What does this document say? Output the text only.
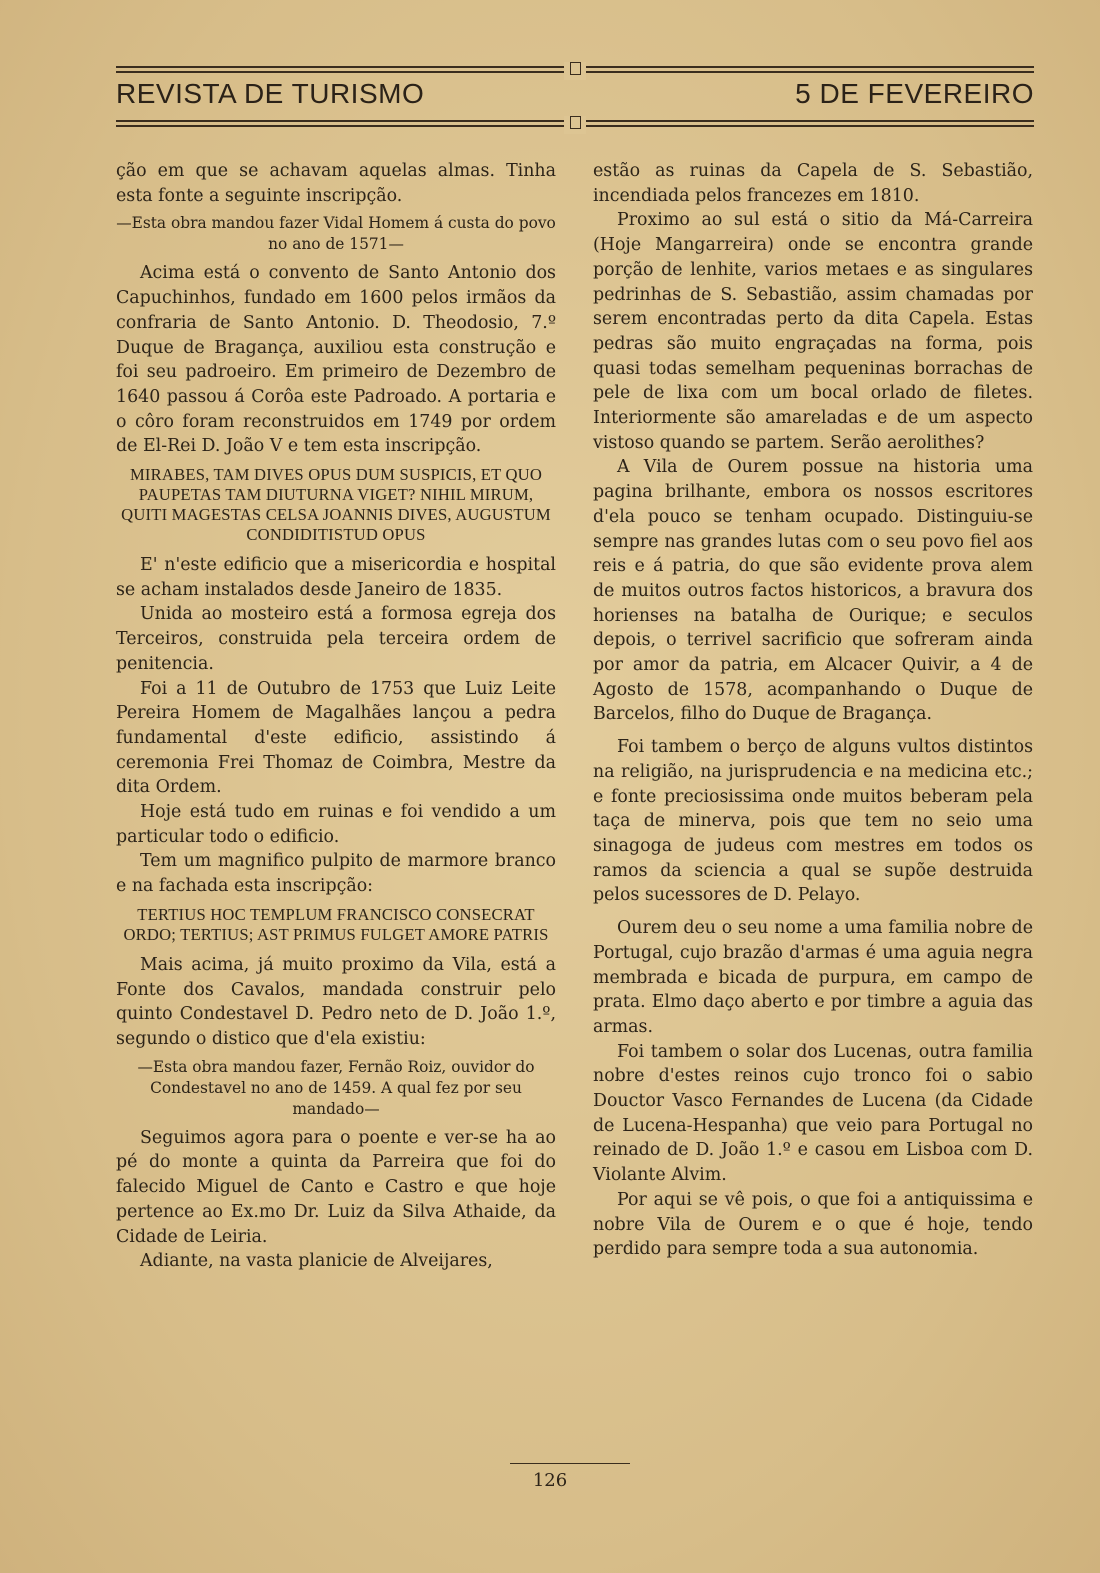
REVISTA DE TURISMO	5 DE FEVEREIRO

ção em que se achavam aquelas almas. Tinha esta fonte a seguinte inscripção.

—Esta obra mandou fazer Vidal Homem á custa do povo no ano de 1571—

Acima está o convento de Santo Antonio dos Capuchinhos, fundado em 1600 pelos irmãos da confraria de Santo Antonio. D. Theodosio, 7.º Duque de Bragança, auxiliou esta construção e foi seu padroeiro. Em primeiro de Dezembro de 1640 passou á Corôa este Padroado. A portaria e o côro foram reconstruidos em 1749 por ordem de El-Rei D. João V e tem esta inscripção.

MIRABES, TAM DIVES OPUS DUM SUSPICIS, ET QUO PAUPETAS TAM DIUTURNA VIGET? NIHIL MIRUM, QUITI MAGESTAS CELSA JOANNIS DIVES, AUGUSTUM CONDIDITISTUD OPUS

E' n'este edificio que a misericordia e hospital se acham instalados desde Janeiro de 1835.

Unida ao mosteiro está a formosa egreja dos Terceiros, construida pela terceira ordem de penitencia.

Foi a 11 de Outubro de 1753 que Luiz Leite Pereira Homem de Magalhães lançou a pedra fundamental d'este edificio, assistindo á ceremonia Frei Thomaz de Coimbra, Mestre da dita Ordem.

Hoje está tudo em ruinas e foi vendido a um particular todo o edificio.

Tem um magnifico pulpito de marmore branco e na fachada esta inscripção:

TERTIUS HOC TEMPLUM FRANCISCO CONSECRAT ORDO; TERTIUS; AST PRIMUS FULGET AMORE PATRIS

Mais acima, já muito proximo da Vila, está a Fonte dos Cavalos, mandada construir pelo quinto Condestavel D. Pedro neto de D. João 1.º, segundo o distico que d'ela existiu:

—Esta obra mandou fazer, Fernão Roiz, ouvidor do Condestavel no ano de 1459. A qual fez por seu mandado—

Seguimos agora para o poente e ver-se ha ao pé do monte a quinta da Parreira que foi do falecido Miguel de Canto e Castro e que hoje pertence ao Ex.mo Dr. Luiz da Silva Athaide, da Cidade de Leiria.

Adiante, na vasta planicie de Alveijares,

estão as ruinas da Capela de S. Sebastião, incendiada pelos francezes em 1810.

Proximo ao sul está o sitio da Má-Carreira (Hoje Mangarreira) onde se encontra grande porção de lenhite, varios metaes e as singulares pedrinhas de S. Sebastião, assim chamadas por serem encontradas perto da dita Capela. Estas pedras são muito engraçadas na forma, pois quasi todas semelham pequeninas borrachas de pele de lixa com um bocal orlado de filetes. Interiormente são amareladas e de um aspecto vistoso quando se partem. Serão aerolithes?

A Vila de Ourem possue na historia uma pagina brilhante, embora os nossos escritores d'ela pouco se tenham ocupado. Distinguiu-se sempre nas grandes lutas com o seu povo fiel aos reis e á patria, do que são evidente prova alem de muitos outros factos historicos, a bravura dos horienses na batalha de Ourique; e seculos depois, o terrivel sacrificio que sofreram ainda por amor da patria, em Alcacer Quivir, a 4 de Agosto de 1578, acompanhando o Duque de Barcelos, filho do Duque de Bragança.

Foi tambem o berço de alguns vultos distintos na religião, na jurisprudencia e na medicina etc.; e fonte preciosissima onde muitos beberam pela taça de minerva, pois que tem no seio uma sinagoga de judeus com mestres em todos os ramos da sciencia a qual se supõe destruida pelos sucessores de D. Pelayo.

Ourem deu o seu nome a uma familia nobre de Portugal, cujo brazão d'armas é uma aguia negra membrada e bicada de purpura, em campo de prata. Elmo daço aberto e por timbre a aguia das armas.

Foi tambem o solar dos Lucenas, outra familia nobre d'estes reinos cujo tronco foi o sabio Douctor Vasco Fernandes de Lucena (da Cidade de Lucena-Hespanha) que veio para Portugal no reinado de D. João 1.º e casou em Lisboa com D. Violante Alvim.

Por aqui se vê pois, o que foi a antiquissima e nobre Vila de Ourem e o que é hoje, tendo perdido para sempre toda a sua autonomia.

126
